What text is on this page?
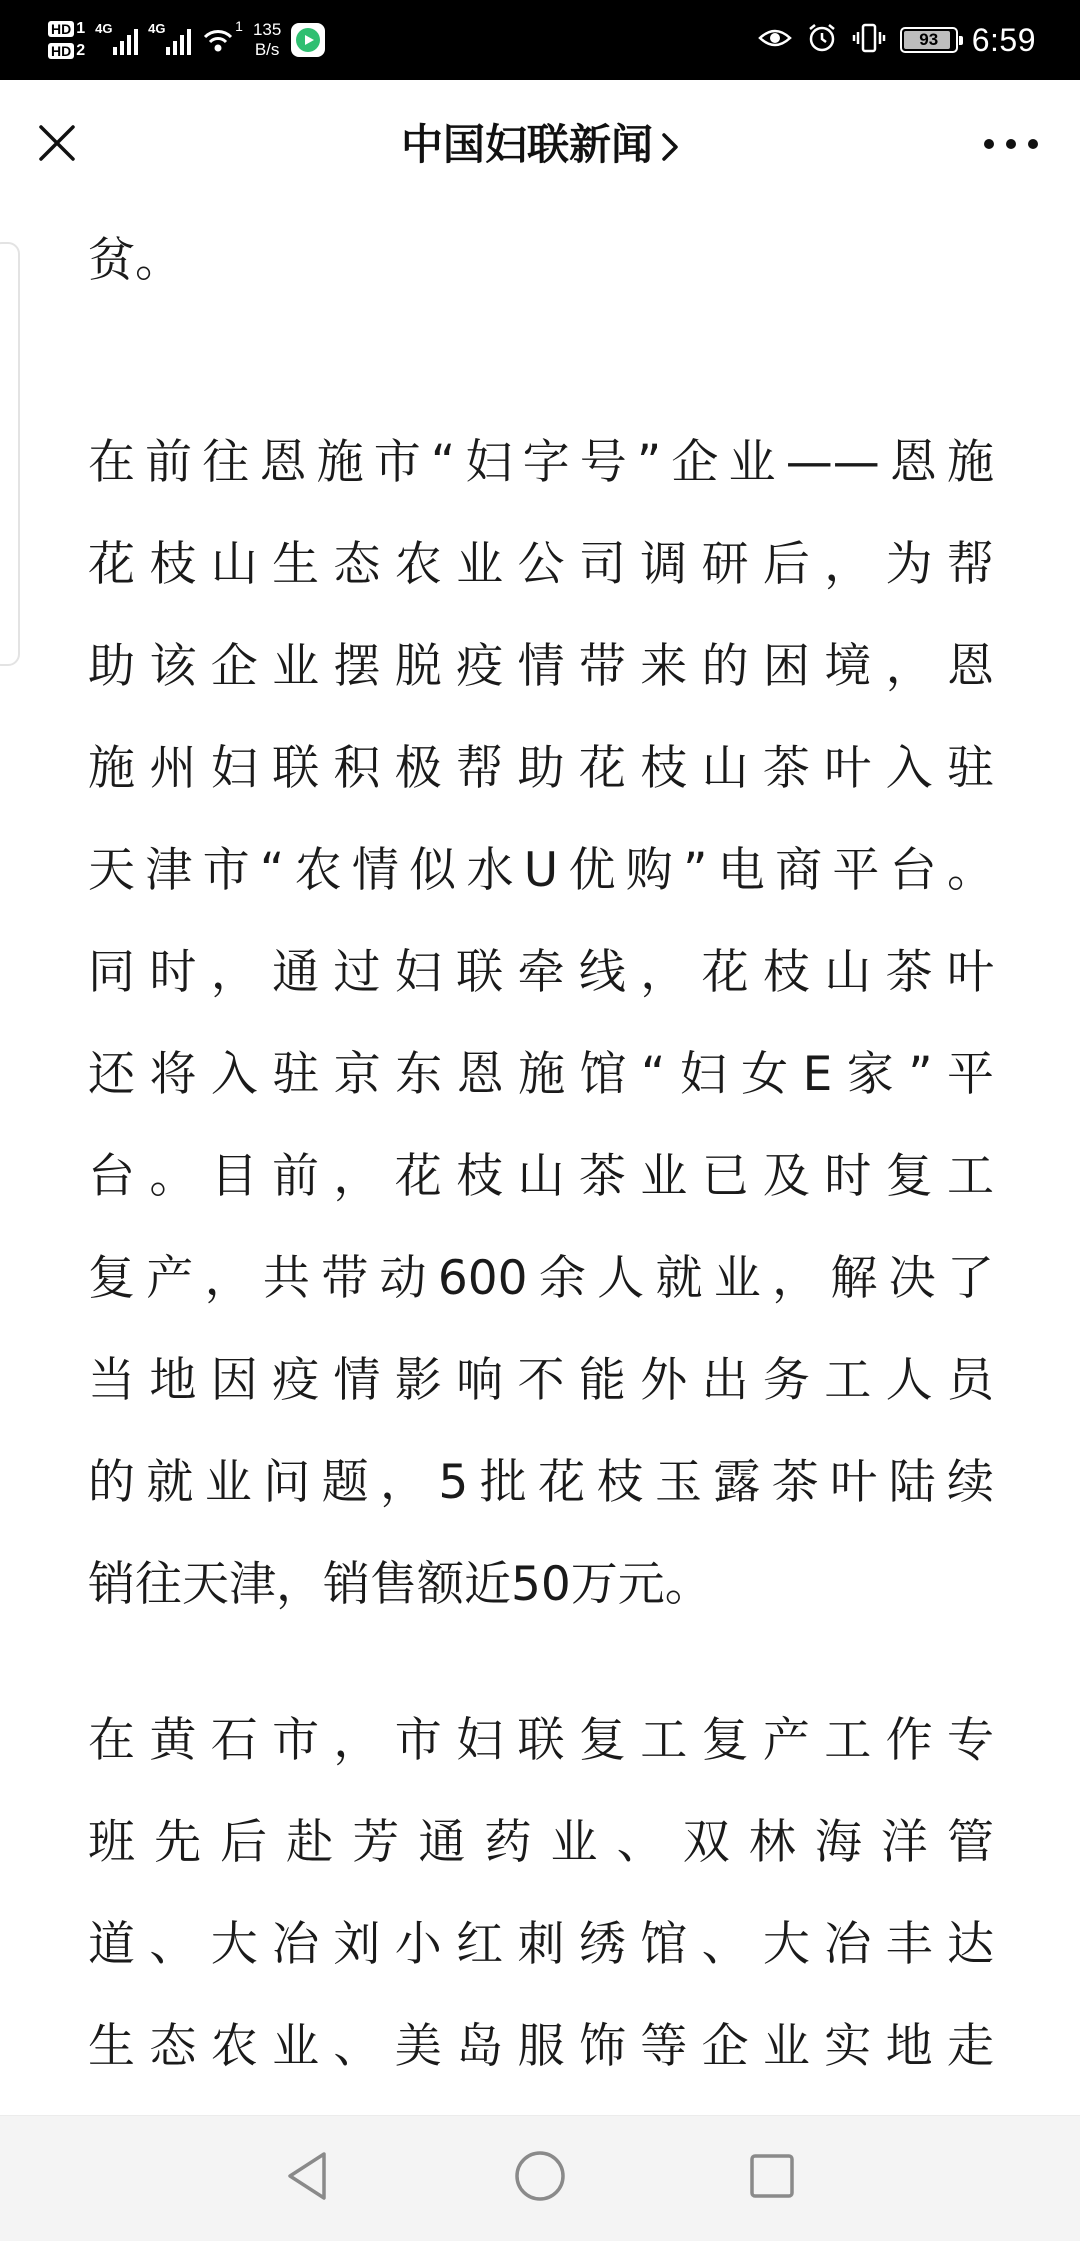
HD 1
HD 2
4G	4G	1 135
B/s
93 6:59
中国妇联新闻
贫。
在前往恩施市“妇字号”企业——恩施
花枝山生态农业公司调研后，为帮
助该企业摆脱疫情带来的困境，恩
施州妇联积极帮助花枝山茶叶入驻
天津市“农情似水U优购”电商平台。
同时，通过妇联牵线，花枝山茶叶
还将入驻京东恩施馆“妇女E家”平
台。目前，花枝山茶业已及时复工
复产，共带动600余人就业，解决了
当地因疫情影响不能外出务工人员
的就业问题，5批花枝玉露茶叶陆续
销往天津，销售额近50万元。
在黄石市，市妇联复工复产工作专
班先后赴芳通药业、双林海洋管
道、大冶刘小红刺绣馆、大冶丰达
生态农业、美岛服饰等企业实地走
